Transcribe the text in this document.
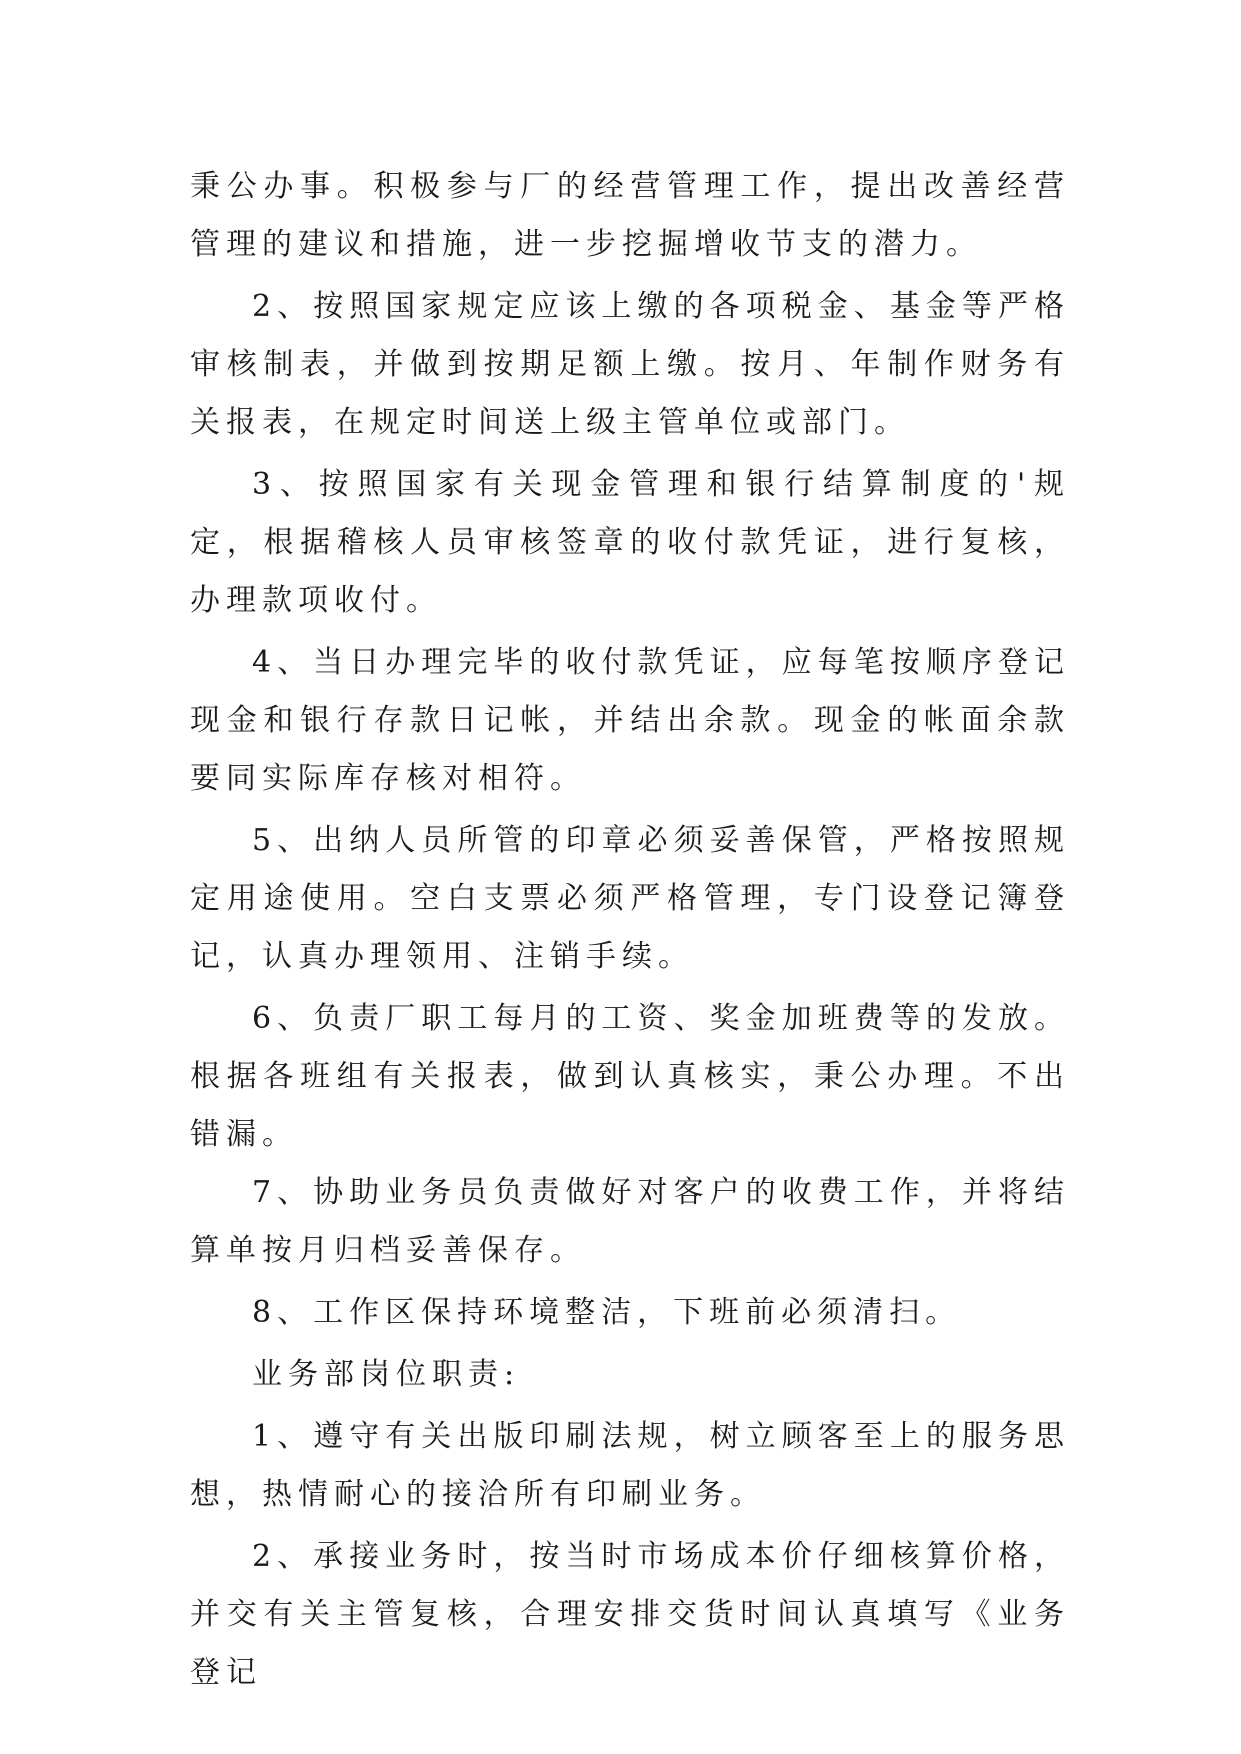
秉公办事。积极参与厂的经营管理工作，提出改善经营管理的建议和措施，进一步挖掘增收节支的潜力。

2、按照国家规定应该上缴的各项税金、基金等严格审核制表，并做到按期足额上缴。按月、年制作财务有关报表，在规定时间送上级主管单位或部门。

3、按照国家有关现金管理和银行结算制度的'规定，根据稽核人员审核签章的收付款凭证，进行复核，办理款项收付。

4、当日办理完毕的收付款凭证，应每笔按顺序登记现金和银行存款日记帐，并结出余款。现金的帐面余款要同实际库存核对相符。

5、出纳人员所管的印章必须妥善保管，严格按照规定用途使用。空白支票必须严格管理，专门设登记簿登记，认真办理领用、注销手续。

6、负责厂职工每月的工资、奖金加班费等的发放。根据各班组有关报表，做到认真核实，秉公办理。不出错漏。

7、协助业务员负责做好对客户的收费工作，并将结算单按月归档妥善保存。

8、工作区保持环境整洁，下班前必须清扫。

业务部岗位职责:

1、遵守有关出版印刷法规，树立顾客至上的服务思想，热情耐心的接洽所有印刷业务。

2、承接业务时，按当时市场成本价仔细核算价格，并交有关主管复核，合理安排交货时间认真填写《业务登记
